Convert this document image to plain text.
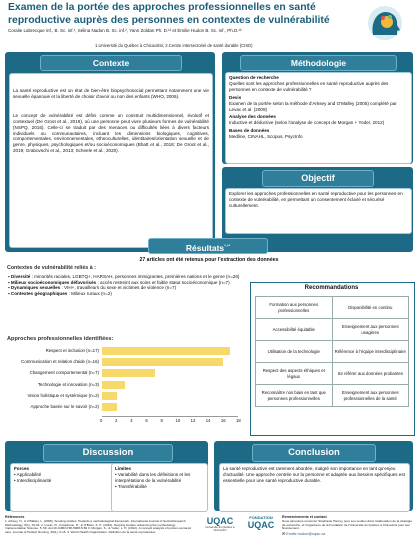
Examen de la portée des approches professionnelles en santé reproductive auprès des personnes en contextes de vulnérabilité
Coralie Labrecque inf., B. Sc. inf.¹, Sélina Nadon B. Sc. inf.², Yann Zoldan Ph. D.¹² et Émilie Hudon B. Sc. inf., Ph.D.¹²
1.Université du Québec à Chicoutimi; 2.Centre intersectoriel de santé durable (CISD)
Contexte

La santé reproductive est un état de bien-être biopsychosocial permettant notamment une vie sexuelle épanouie et la liberté de choisir d'avoir ou non des enfants (WHO, 2006).

Le concept de vulnérabilité est défini comme un construit multidimensionnel, évolutif et contextuel (De Groot et al., 2019), où une personne peut vivre plusieurs formes de vulnérabilité (NSPQ, 2016). Celle-ci se traduit par des menaces ou difficultés liées à divers facteurs individuels ou communautaires, incluant les dimensions biologiques, cognitives, comportementales, environnementales, ethnoculturelles, identitaires/orientation sexuelle et de genre, physiques, psychologiques et/ou socioéconomiques (Bhatt et al., 2018; De Groot et al., 2019; Grabovschi et al., 2013; Scheele et al., 2020).

Méthodologie
Question de recherche
Quelles sont les approches professionnelles en santé reproductive auprès des personnes en contexte de vulnérabilité ?
Devis
Examen de la portée selon la méthode d'Arksey and O'Malley (2005) complété par Levac et al. (2009)
Analyse des données
Inductive et déductive (selon l'analyse de concept de Morgan + Yoder, 2012)
Bases de données
Medline, CINAHL, Scopus, PsycInfo
Objectif
Explorer les approches professionnelles en santé reproductive pour les personnes en contexte de vulnérabilité, en permettant un consentement éclairé et sécurisé culturellement.
Résultats*-**
27 articles ont été retenus pour l'extraction des données
Contextes de vulnérabilité reliés à :
▪ Diversité : minorités raciales, LGBTQ+, HARSAH, personnes immigrantes, premières nations et le genre (n=26)
▪ Milieux socioéconomiques défavorisés : accès restreint aux soins et faible statut socioéconomique (n=7)
▪ Dynamiques sexuelles : VIH+, travailleurs du sexe et victimes de violence (n=7)
▪ Contextes géographiques : Milieux ruraux (n=2)
Approches professionnelles identifiées:
Respect et inclusion (n=17)
Communication et relation d'aide (n=16)
Changement comportemental (n=7)
Technologie et innovation (n=3)
Vision holistique et systémique (n=2)
Approche basée sur le savoir (n=2)
0	2	4	6	8	10 12 14 16 18
Recommandations
Formation aux personnes professionnelles	Disponibilité en continu
Accessibilité équitable	Enseignement aux personnes usagères
Utilisation de la technologie	Référence à l'équipe interdisciplinaire
Respect des aspects éthiques et légaux	Se référer aux données probantes
Reconnaître nos biais en tant que personnes professionnelles	Enseignement aux personnes professionnelles de la santé
Discussion
Forces
• Applicabilité
• Interdisciplinarité
Limites
• Variabilité dans les définitions et les interprétations de la vulnérabilité
• Transférabilité
Conclusion
La santé reproductive est rarement abordée, malgré son importance en tant qu'enjeu d'actualité. Une approche centrée sur la personne et adaptée aux besoins spécifiques est essentielle pour une santé reproductive durable.
Références
1. Arksey, H., & O'Malley, L. (2005). Scoping studies: Towards a methodological framework. International Journal of Social Research Methodology, 8(1), 19-32. 2. Levac, D., Colquhoun, H., & O'Brien, K. K. (2010). Scoping studies: advancing the methodology. Implementation Science, 5, 69. doi:10.1186/1748-5908-5-69 3. Morgan, S., & Yoder, L. H. (2012). A concept analysis of person-centered care. Journal of Holistic Nursing, 30(1), 6-15. 4. World Health Organization. Définition de la santé reproductive.
UQAC
Université du Québec à Chicoutimi
FONDATION
UQAC
Remerciements et contact
Nous aimerions remercier Stéphanie Harvey pour son soutien dans l'élaboration de la stratégie de recherche, et l'organisme de la Fondation de l'Université du Québec à Chicoutimi pour leur financement.
✉ Emilie.hudon@uqac.ca
